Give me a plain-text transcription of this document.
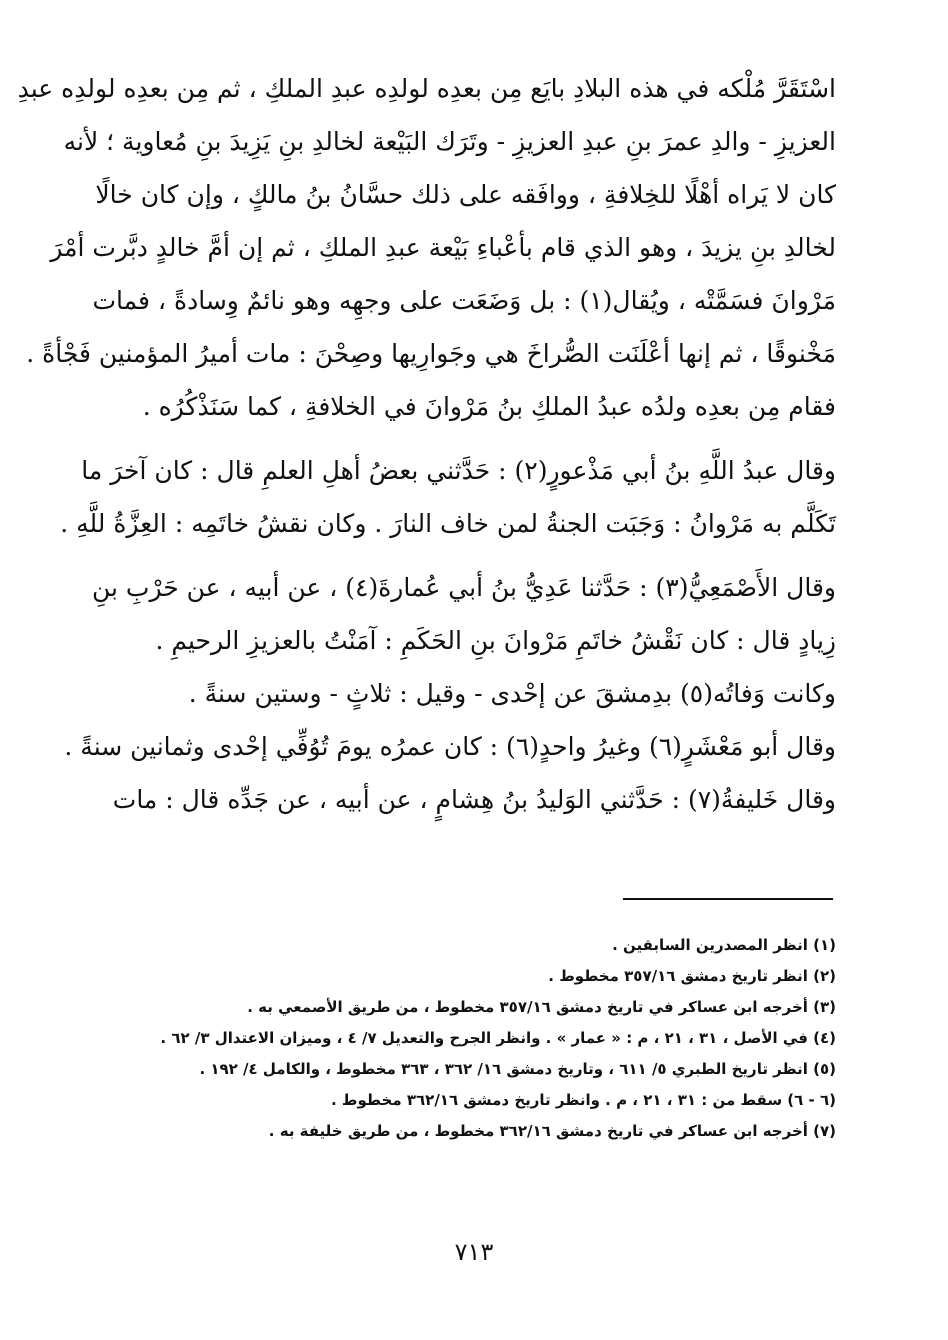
اسْتَقَرَّ مُلْكه في هذه البلادِ بايَع مِن بعدِه لولدِه عبدِ الملكِ ، ثم مِن بعدِه لولدِه عبدِ
العزيزِ - والدِ عمرَ بنِ عبدِ العزيزِ - وتَرَك البَيْعة لخالدِ بنِ يَزِيدَ بنِ مُعاوية ؛ لأنه
كان لا يَراه أهْلًا للخِلافةِ ، ووافَقه على ذلك حسَّانُ بنُ مالكٍ ، وإن كان خالًا
لخالدِ بنِ يزيدَ ، وهو الذي قام بأعْباءِ بَيْعة عبدِ الملكِ ، ثم إن أمَّ خالدٍ دبَّرت أمْرَ
مَرْوانَ فسَمَّتْه ، ويُقال(١) : بل وَضَعَت على وجهِه وهو نائمٌ وِسادةً ، فمات
مَخْنوقًا ، ثم إنها أعْلَنَت الصُّراخَ هي وجَوارِيها وصِحْنَ : مات أميرُ المؤمنين فَجْأةً .
فقام مِن بعدِه ولدُه عبدُ الملكِ بنُ مَرْوانَ في الخلافةِ ، كما سَنَذْكُرُه .
وقال عبدُ اللَّهِ بنُ أبي مَذْعورٍ(٢) : حَدَّثني بعضُ أهلِ العلمِ قال : كان آخرَ ما
تَكَلَّم به مَرْوانُ : وَجَبَت الجنةُ لمن خاف النارَ . وكان نقشُ خاتَمِه : العِزَّةُ للَّهِ .
وقال الأَصْمَعِيُّ(٣) : حَدَّثنا عَدِيُّ بنُ أبي عُمارةَ(٤) ، عن أبيه ، عن حَرْبِ بنِ
زِيادٍ قال : كان نَقْشُ خاتَمِ مَرْوانَ بنِ الحَكَمِ : آمَنْتُ بالعزيزِ الرحيمِ .
وكانت وَفاتُه(٥) بدِمشقَ عن إحْدى - وقيل : ثلاثٍ - وستين سنةً .
وقال أبو مَعْشَرٍ(٦) وغيرُ واحدٍ(٦) : كان عمرُه يومَ تُوُفِّي إحْدى وثمانين سنةً .
وقال خَليفةُ(٧) : حَدَّثني الوَليدُ بنُ هِشامٍ ، عن أبيه ، عن جَدِّه قال : مات
(١) انظر المصدرين السابقين .
(٢) انظر تاريخ دمشق ٣٥٧/١٦ مخطوط .
(٣) أخرجه ابن عساكر في تاريخ دمشق ٣٥٧/١٦ مخطوط ، من طريق الأصمعي به .
(٤) في الأصل ، ٣١ ، ٢١ ، م : « عمار » . وانظر الجرح والتعديل ٧/ ٤ ، وميزان الاعتدال ٣/ ٦٢ .
(٥) انظر تاريخ الطبري ٥/ ٦١١ ، وتاريخ دمشق ١٦/ ٣٦٢ ، ٣٦٣ مخطوط ، والكامل ٤/ ١٩٢ .
(٦ - ٦) سقط من : ٣١ ، ٢١ ، م . وانظر تاريخ دمشق ٣٦٢/١٦ مخطوط .
(٧) أخرجه ابن عساكر في تاريخ دمشق ٣٦٢/١٦ مخطوط ، من طريق خليفة به .
٧١٣
